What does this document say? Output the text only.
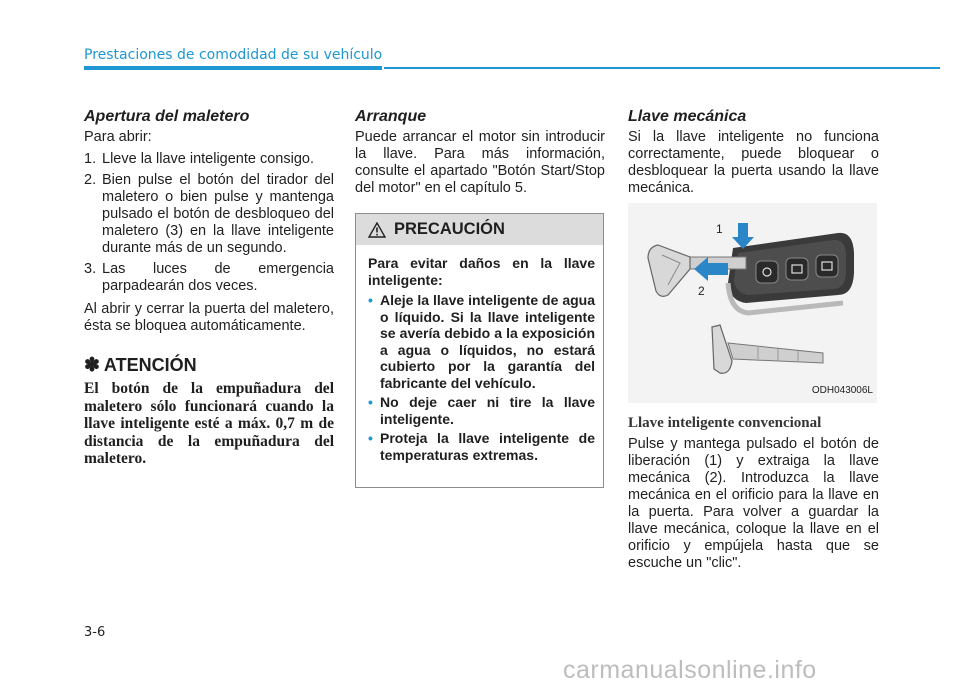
Prestaciones de comodidad de su vehículo
Apertura del maletero

Para abrir:

1. Lleve la llave inteligente consigo.
2. Bien pulse el botón del tirador del maletero o bien pulse y mantenga pulsado el botón de desbloqueo del maletero (3) en la llave inteligente durante más de un segundo.
3. Las luces de emergencia parpadearán dos veces.

Al abrir y cerrar la puerta del maletero, ésta se bloquea automáticamente.

✽ ATENCIÓN

El botón de la empuñadura del maletero sólo funcionará cuando la llave inteligente esté a máx. 0,7 m de distancia de la empuñadura del maletero.

Arranque

Puede arrancar el motor sin introducir la llave. Para más información, consulte el apartado "Botón Start/Stop del motor" en el capítulo 5.

PRECAUCIÓN

Para evitar daños en la llave inteligente:

• Aleje la llave inteligente de agua o líquido. Si la llave inteligente se avería debido a la exposición a agua o líquidos, no estará cubierto por la garantía del fabricante del vehículo.
• No deje caer ni tire la llave inteligente.
• Proteja la llave inteligente de temperaturas extremas.
Llave mecánica

Si la llave inteligente no funciona correctamente, puede bloquear o desbloquear la puerta usando la llave mecánica.

1
2
ODH043006L
Llave inteligente convencional

Pulse y mantega pulsado el botón de liberación (1) y extraiga la llave mecánica (2). Introduzca la llave mecánica en el orificio para la llave en la puerta. Para volver a guardar la llave mecánica, coloque la llave en el orificio y empújela hasta que se escuche un "clic".

3-6
carmanualsonline.info
